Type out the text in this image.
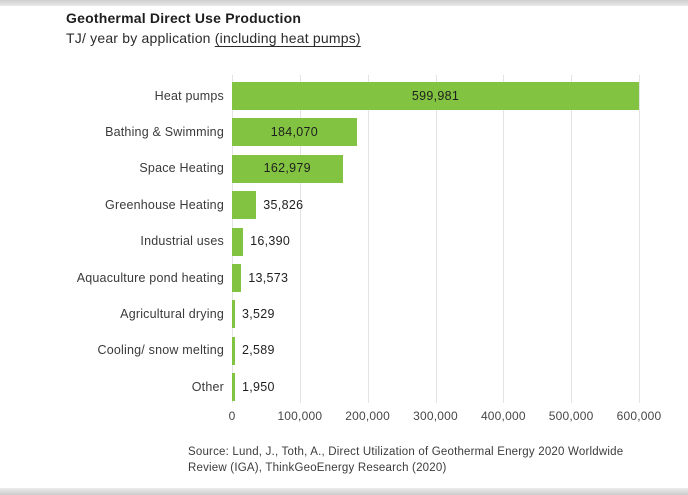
Geothermal Direct Use Production
TJ/ year by application (including heat pumps)
Heat pumps
Bathing & Swimming
Space Heating
Greenhouse Heating
Industrial uses
Aquaculture pond heating
Agricultural drying
Cooling/ snow melting
Other
599,981
184,070
162,979
35,826
16,390
13,573
3,529
2,589
1,950
0	100,000	200,000	300,000	400,000	500,000	600,000
Source: Lund, J., Toth, A., Direct Utilization of Geothermal Energy 2020 Worldwide
Review (IGA), ThinkGeoEnergy Research (2020)
